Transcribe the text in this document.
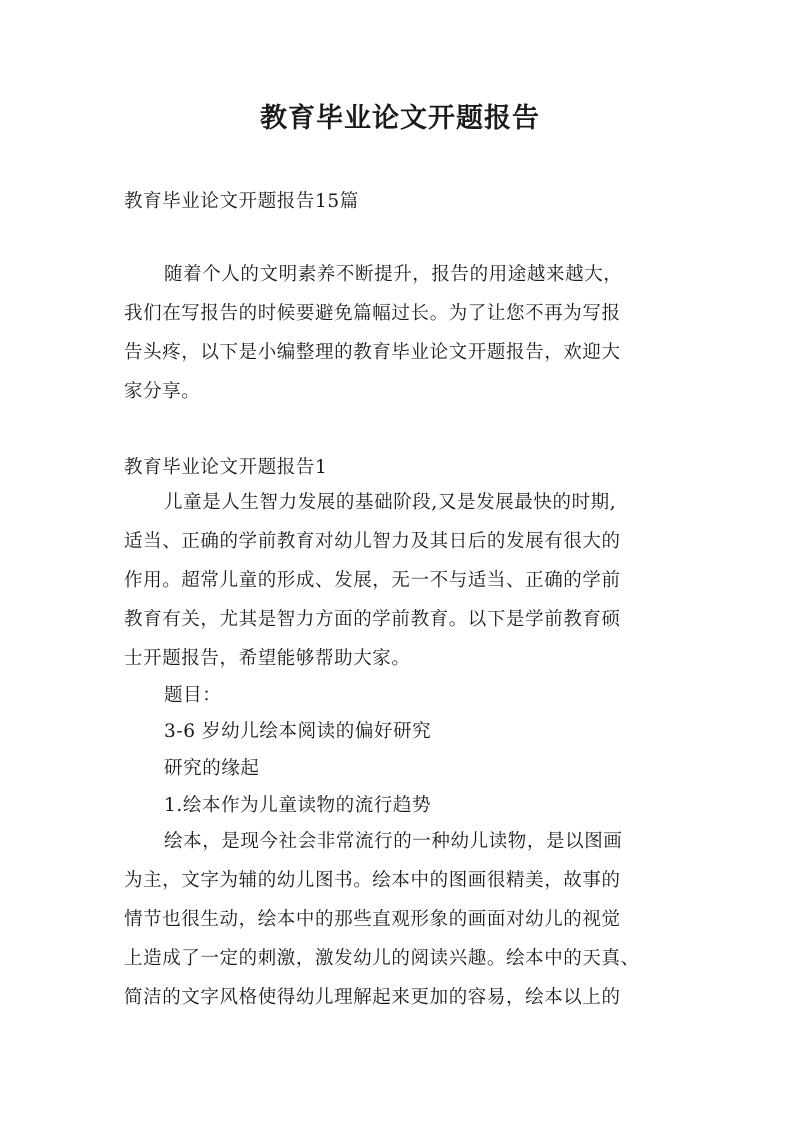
教育毕业论文开题报告
教育毕业论文开题报告15篇
随着个人的文明素养不断提升，报告的用途越来越大，
我们在写报告的时候要避免篇幅过长。为了让您不再为写报
告头疼，以下是小编整理的教育毕业论文开题报告，欢迎大
家分享。
教育毕业论文开题报告1
儿童是人生智力发展的基础阶段,又是发展最快的时期,
适当、正确的学前教育对幼儿智力及其日后的发展有很大的
作用。超常儿童的形成、发展，无一不与适当、正确的学前
教育有关，尤其是智力方面的学前教育。以下是学前教育硕
士开题报告，希望能够帮助大家。
题目：
3-6 岁幼儿绘本阅读的偏好研究
研究的缘起
1.绘本作为儿童读物的流行趋势
绘本，是现今社会非常流行的一种幼儿读物，是以图画
为主，文字为辅的幼儿图书。绘本中的图画很精美，故事的
情节也很生动，绘本中的那些直观形象的画面对幼儿的视觉
上造成了一定的刺激，激发幼儿的阅读兴趣。绘本中的天真、
简洁的文字风格使得幼儿理解起来更加的容易，绘本以上的
